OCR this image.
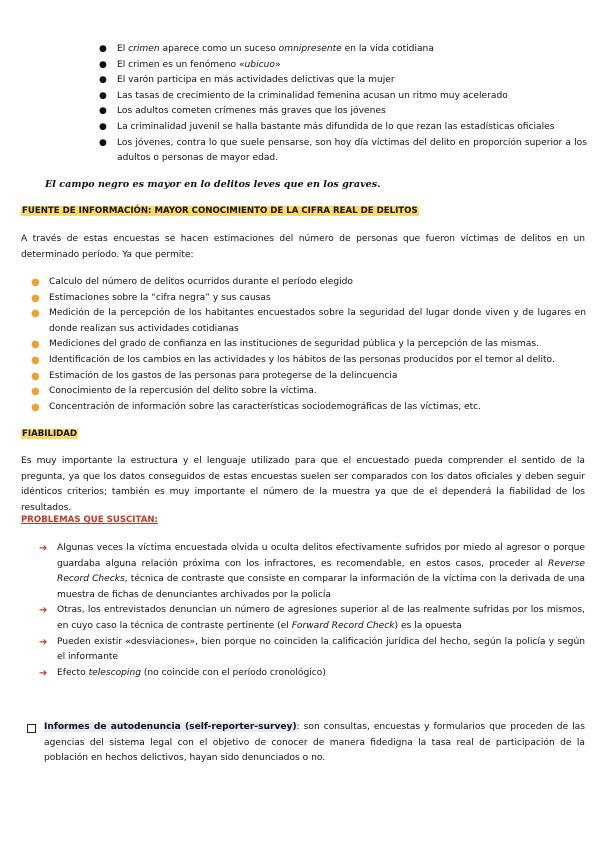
●	El crimen aparece como un suceso omnipresente en la vida cotidiana
●	El crimen es un fenómeno «ubicuo»
●	El varón participa en más actividades delictivas que la mujer
●	Las tasas de crecimiento de la criminalidad femenina acusan un ritmo muy acelerado
●	Los adultos cometen crímenes más graves que los jóvenes
●	La criminalidad juvenil se halla bastante más difundida de lo que rezan las estadísticas oficiales
●	Los jóvenes, contra lo que suele pensarse, son hoy día víctimas del delito en proporción superior a los adultos o personas de mayor edad.
El campo negro es mayor en lo delitos leves que en los graves.
FUENTE DE INFORMACIÓN: MAYOR CONOCIMIENTO DE LA CIFRA REAL DE DELITOS
A través de estas encuestas se hacen estimaciones del número de personas que fueron víctimas de delitos en un determinado período. Ya que permite:
●	Calculo del número de delitos ocurridos durante el período elegido
●	Estimaciones sobre la “cifra negra” y sus causas
●	Medición de la percepción de los habitantes encuestados sobre la seguridad del lugar donde viven y de lugares en donde realizan sus actividades cotidianas
●	Mediciones del grado de confianza en las instituciones de seguridad pública y la percepción de las mismas.
●	Identificación de los cambios en las actividades y los hábitos de las personas producidos por el temor al delito.
●	Estimación de los gastos de las personas para protegerse de la delincuencia
●	Conocimiento de la repercusión del delito sobre la víctima.
●	Concentración de información sobre las características sociodemográficas de las víctimas, etc.
FIABILIDAD
Es muy importante la estructura y el lenguaje utilizado para que el encuestado pueda comprender el sentido de la pregunta, ya que los datos conseguidos de estas encuestas suelen ser comparados con los datos oficiales y deben seguir idénticos criterios; también es muy importante el número de la muestra ya que de el dependerá la fiabilidad de los resultados.
PROBLEMAS QUE SUSCITAN:
➔	Algunas veces la víctima encuestada olvida u oculta delitos efectivamente sufridos por miedo al agresor o porque guardaba alguna relación próxima con los infractores, es recomendable, en estos casos, proceder al Reverse Record Checks, técnica de contraste que consiste en comparar la información de la víctima con la derivada de una muestra de fichas de denunciantes archivados por la policía
➔	Otras, los entrevistados denuncian un número de agresiones superior al de las realmente sufridas por los mismos, en cuyo caso la técnica de contraste pertinente (el Forward Record Check) es la opuesta
➔	Pueden existir «desviaciones», bien porque no coinciden la calificación jurídica del hecho, según la policía y según el informante
➔	Efecto telescoping (no coincide con el período cronológico)
Informes de autodenuncia (self-reporter-survey): son consultas, encuestas y formularios que proceden de las agencias del sistema legal con el objetivo de conocer de manera fidedigna la tasa real de participación de la población en hechos delictivos, hayan sido denunciados o no.
